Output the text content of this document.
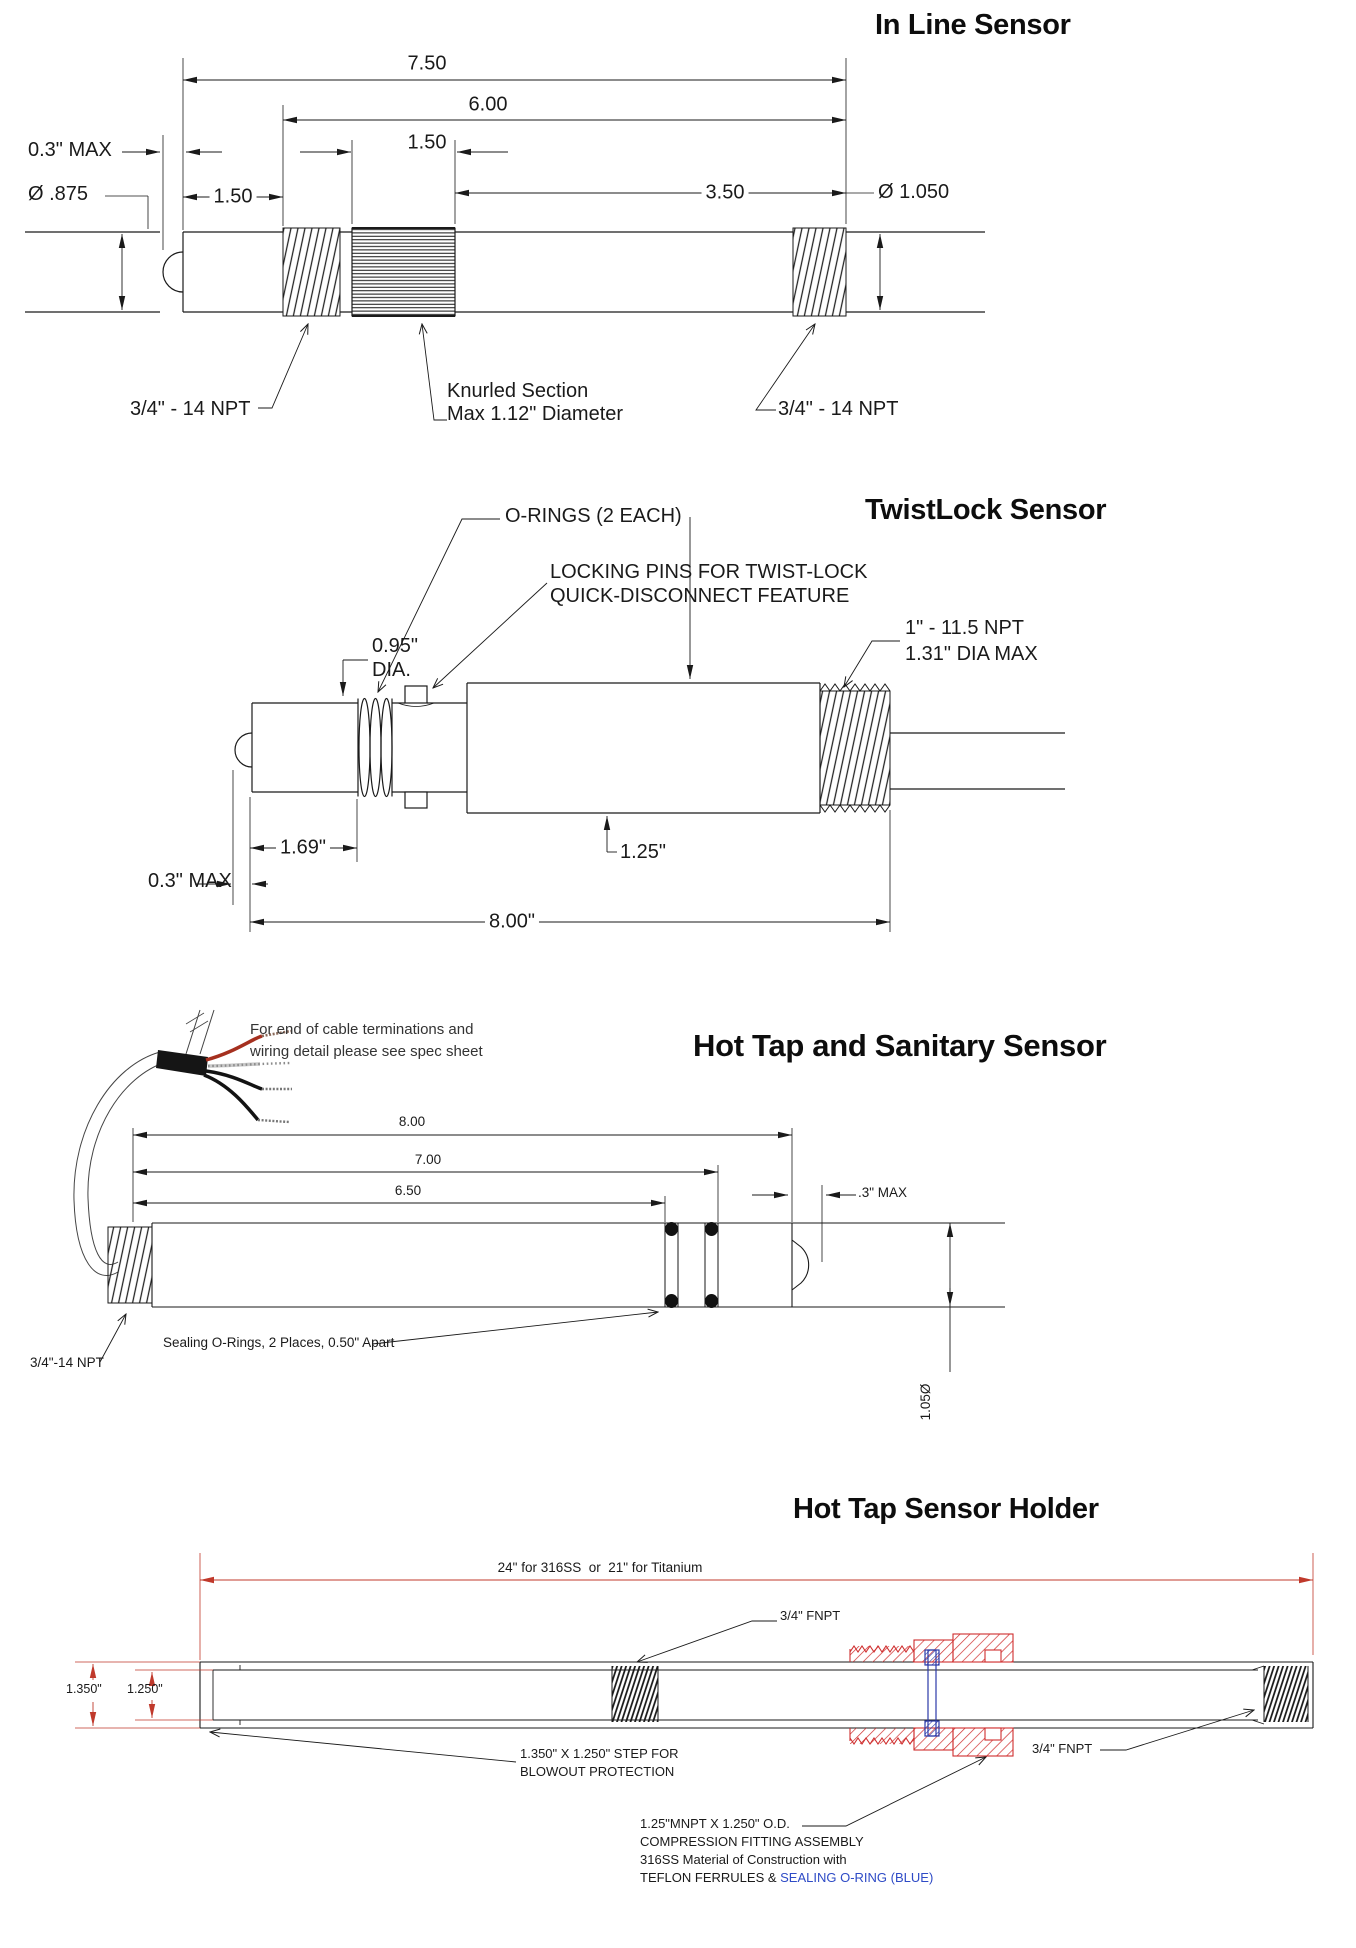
In Line Sensor
7.50
6.00
1.50
0.3" MAX
Ø .875	1.50	3.50	Ø 1.050
3/4" - 14 NPT
Knurled Section
Max 1.12" Diameter	3/4" - 14 NPT
TwistLock Sensor
O-RINGS (2 EACH)
LOCKING PINS FOR TWIST-LOCK
QUICK-DISCONNECT FEATURE
0.95"
DIA.
1" - 11.5 NPT
1.31" DIA MAX
1.69"
0.3" MAX
1.25"
8.00"
For end of cable terminations and
wiring detail please see spec sheet	Hot Tap and Sanitary Sensor
8.00
7.00
6.50	.3" MAX
1.05Ø
3/4"-14 NPT
Sealing O-Rings, 2 Places, 0.50" Apart
Hot Tap Sensor Holder
24" for 316SS  or  21" for Titanium
1.350" 1.250"
3/4" FNPT
3/4" FNPT
1.350" X 1.250" STEP FOR
BLOWOUT PROTECTION
1.25"MNPT X 1.250" O.D.
COMPRESSION FITTING ASSEMBLY
316SS Material of Construction with
TEFLON FERRULES & SEALING O-RING (BLUE)
